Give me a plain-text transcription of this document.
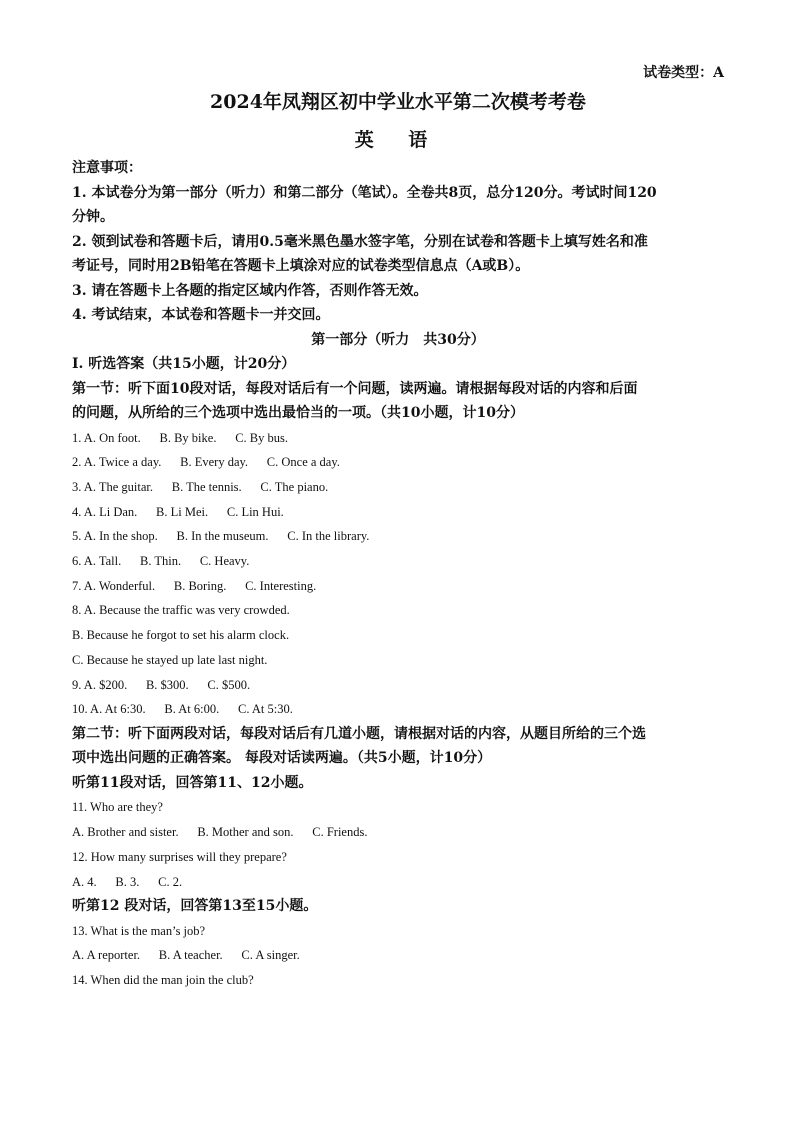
试卷类型：A
2024年凤翔区初中学业水平第二次模考考卷
英 语
注意事项：
1. 本试卷分为第一部分（听力）和第二部分（笔试）。全卷共8页，总分120分。考试时间120
分钟。
2. 领到试卷和答题卡后，请用0.5毫米黑色墨水签字笔，分别在试卷和答题卡上填写姓名和准
考证号，同时用2B铅笔在答题卡上填涂对应的试卷类型信息点（A或B）。
3. 请在答题卡上各题的指定区域内作答，否则作答无效。
4. 考试结束，本试卷和答题卡一并交回。
第一部分（听力　共30分）
Ⅰ. 听选答案（共15小题，计20分）
第一节：听下面10段对话，每段对话后有一个问题，读两遍。请根据每段对话的内容和后面
的问题，从所给的三个选项中选出最恰当的一项。（共10小题，计10分）
1. A. On foot.      B. By bike.      C. By bus.
2. A. Twice a day.      B. Every day.      C. Once a day.
3. A. The guitar.      B. The tennis.      C. The piano.
4. A. Li Dan.      B. Li Mei.      C. Lin Hui.
5. A. In the shop.      B. In the museum.      C. In the library.
6. A. Tall.      B. Thin.      C. Heavy.
7. A. Wonderful.      B. Boring.      C. Interesting.
8. A. Because the traffic was very crowded.
B. Because he forgot to set his alarm clock.
C. Because he stayed up late last night.
9. A. $200.      B. $300.      C. $500.
10. A. At 6:30.      B. At 6:00.      C. At 5:30.
第二节：听下面两段对话，每段对话后有几道小题，请根据对话的内容，从题目所给的三个选
项中选出问题的正确答案。 每段对话读两遍。（共5小题，计10分）
听第11段对话，回答第11、12小题。
11. Who are they?
A. Brother and sister.      B. Mother and son.      C. Friends.
12. How many surprises will they prepare?
A. 4.      B. 3.      C. 2.
听第12 段对话，回答第13至15小题。
13. What is the man’s job?
A. A reporter.      B. A teacher.      C. A singer.
14. When did the man join the club?
